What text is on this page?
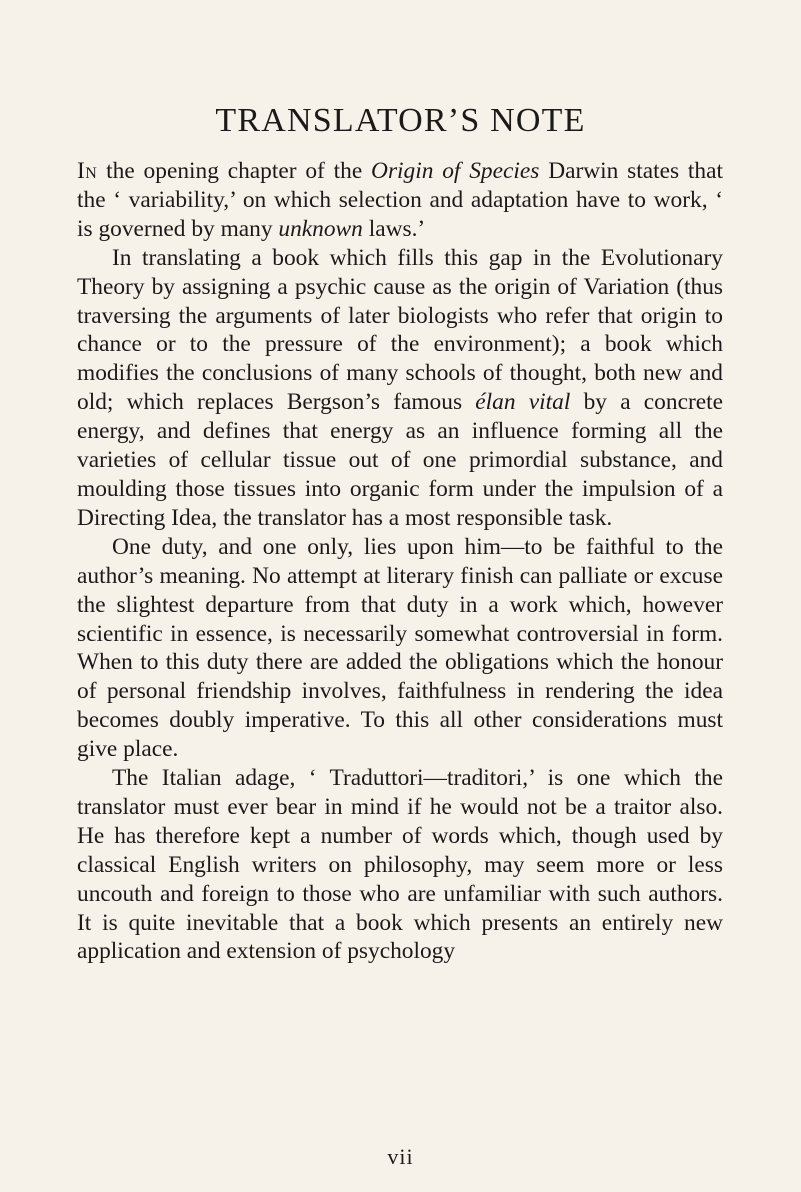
TRANSLATOR’S NOTE

In the opening chapter of the Origin of Species Darwin states that the ‘ variability,’ on which selection and adaptation have to work, ‘ is governed by many unknown laws.’

In translating a book which fills this gap in the Evolutionary Theory by assigning a psychic cause as the origin of Variation (thus traversing the arguments of later biologists who refer that origin to chance or to the pressure of the environment); a book which modifies the conclusions of many schools of thought, both new and old; which replaces Bergson’s famous élan vital by a concrete energy, and defines that energy as an influence forming all the varieties of cellular tissue out of one primordial substance, and moulding those tissues into organic form under the impulsion of a Directing Idea, the translator has a most responsible task.

One duty, and one only, lies upon him—to be faithful to the author’s meaning. No attempt at literary finish can palliate or excuse the slightest departure from that duty in a work which, however scientific in essence, is necessarily somewhat controversial in form. When to this duty there are added the obligations which the honour of personal friendship involves, faithfulness in rendering the idea becomes doubly imperative. To this all other considerations must give place.

The Italian adage, ‘ Traduttori—traditori,’ is one which the translator must ever bear in mind if he would not be a traitor also. He has therefore kept a number of words which, though used by classical English writers on philosophy, may seem more or less uncouth and foreign to those who are unfamiliar with such authors. It is quite inevitable that a book which presents an entirely new application and extension of psychology

vii
